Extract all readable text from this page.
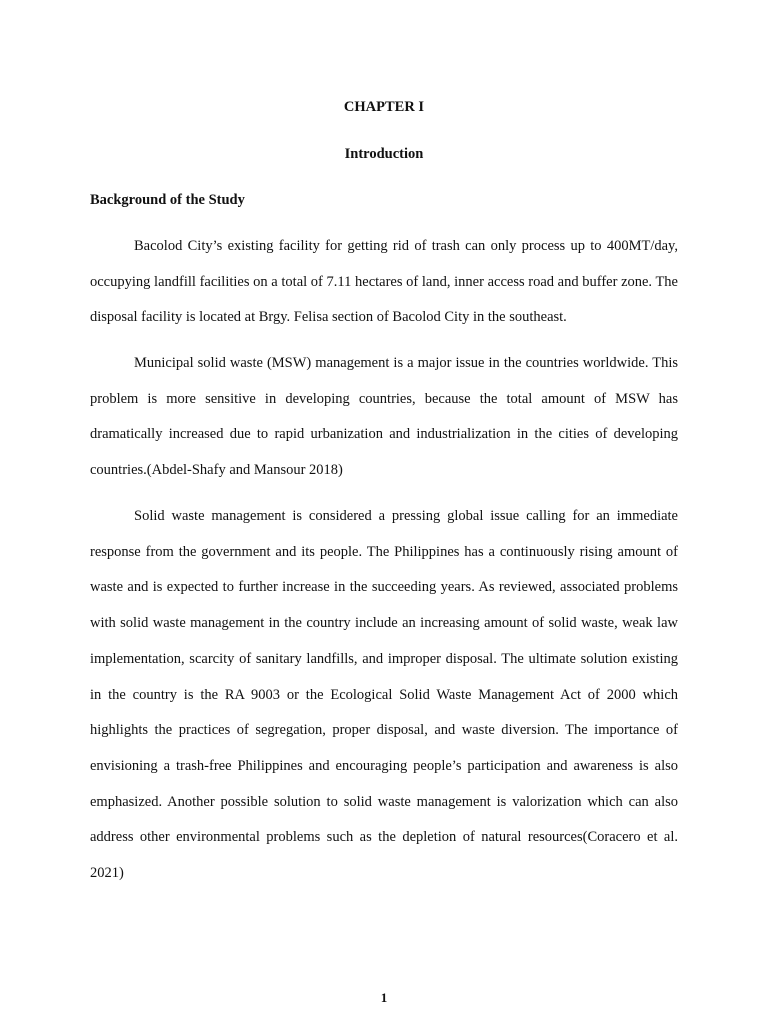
CHAPTER I
Introduction
Background of the Study

Bacolod City’s existing facility for getting rid of trash can only process up to 400MT/day, occupying landfill facilities on a total of 7.11 hectares of land, inner access road and buffer zone. The disposal facility is located at Brgy. Felisa section of Bacolod City in the southeast.

Municipal solid waste (MSW) management is a major issue in the countries worldwide. This problem is more sensitive in developing countries, because the total amount of MSW has dramatically increased due to rapid urbanization and industrialization in the cities of developing countries.(Abdel-Shafy and Mansour 2018)

Solid waste management is considered a pressing global issue calling for an immediate response from the government and its people. The Philippines has a continuously rising amount of waste and is expected to further increase in the succeeding years. As reviewed, associated problems with solid waste management in the country include an increasing amount of solid waste, weak law implementation, scarcity of sanitary landfills, and improper disposal. The ultimate solution existing in the country is the RA 9003 or the Ecological Solid Waste Management Act of 2000 which highlights the practices of segregation, proper disposal, and waste diversion. The importance of envisioning a trash-free Philippines and encouraging people’s participation and awareness is also emphasized. Another possible solution to solid waste management is valorization which can also address other environmental problems such as the depletion of natural resources(Coracero et al. 2021)

1
